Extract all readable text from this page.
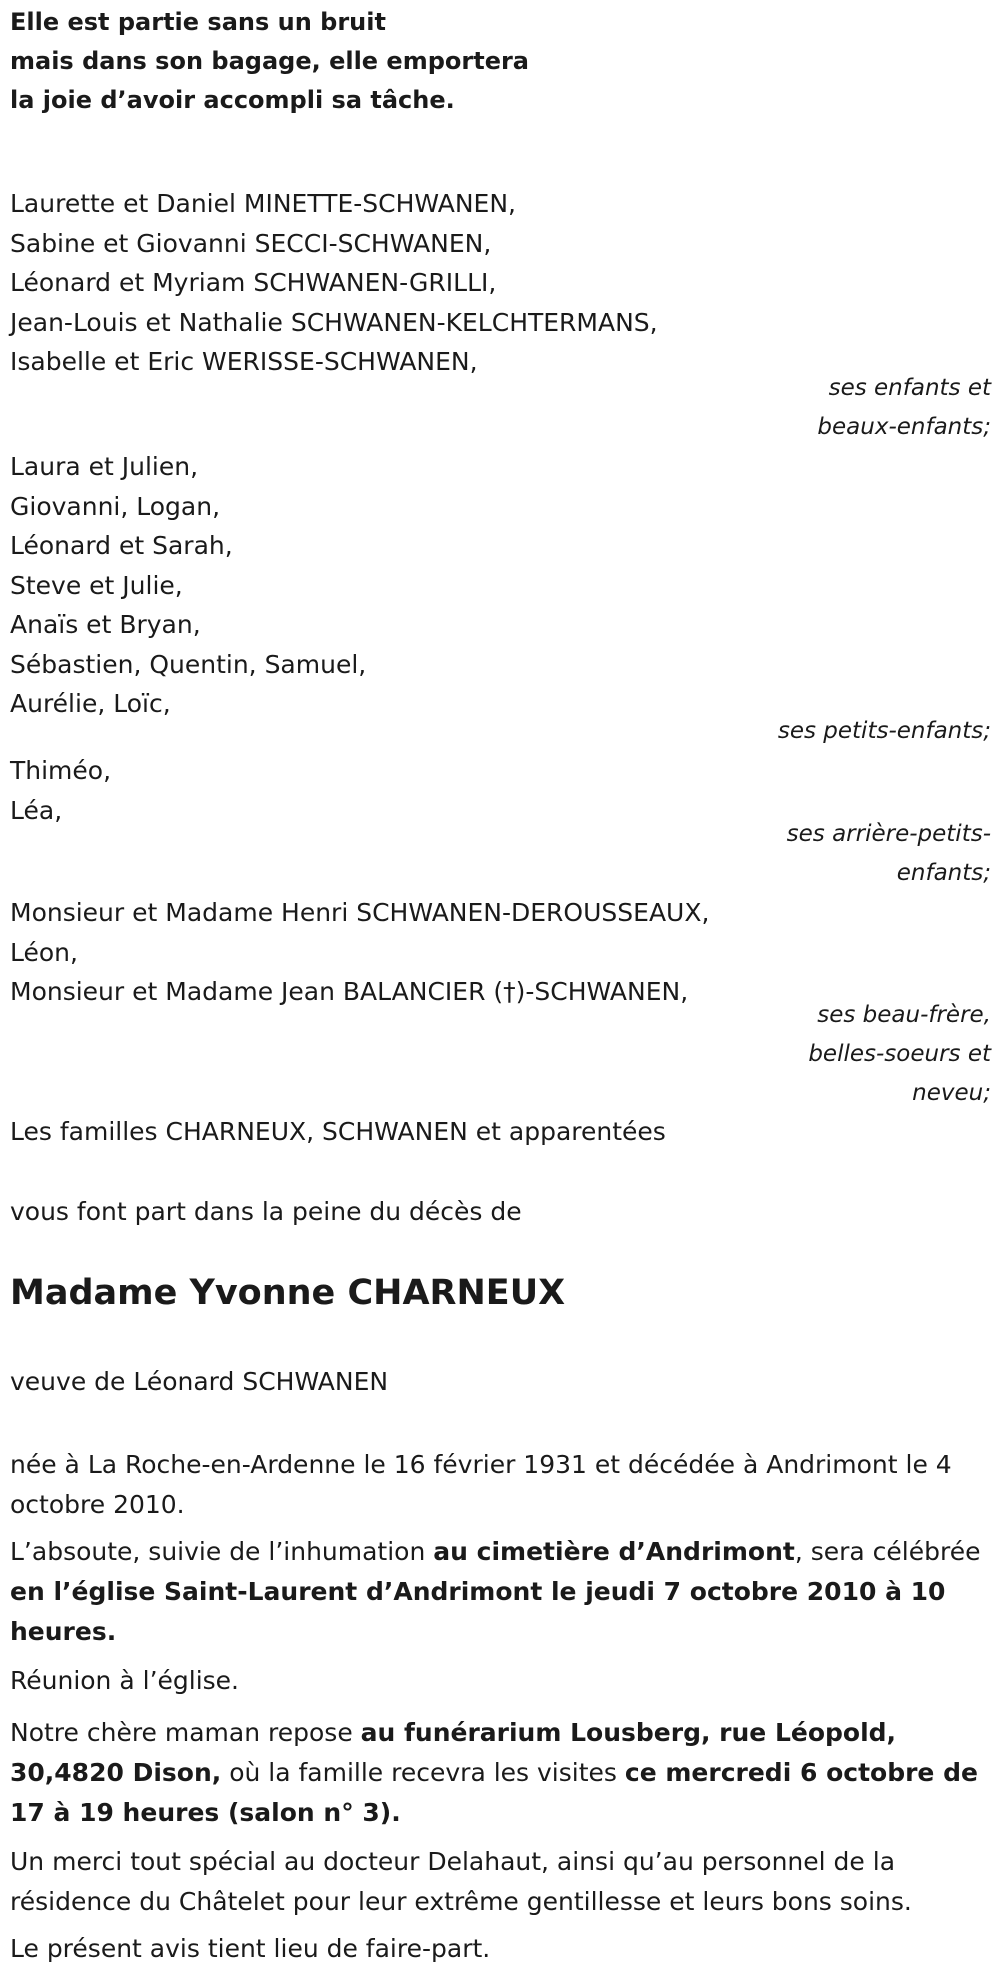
Elle est partie sans un bruit

mais dans son bagage, elle emportera

la joie d’avoir accompli sa tâche.

Laurette et Daniel MINETTE-SCHWANEN,
Sabine et Giovanni SECCI-SCHWANEN,
Léonard et Myriam SCHWANEN-GRILLI,
Jean-Louis et Nathalie SCHWANEN-KELCHTERMANS,
Isabelle et Eric WERISSE-SCHWANEN,
ses enfants et
beaux-enfants;
Laura et Julien,
Giovanni, Logan,
Léonard et Sarah,
Steve et Julie,
Anaïs et Bryan,
Sébastien, Quentin, Samuel,
Aurélie, Loïc,
ses petits-enfants;
Thiméo,
Léa,
ses arrière-petits-
enfants;
Monsieur et Madame Henri SCHWANEN-DEROUSSEAUX,
Léon,
Monsieur et Madame Jean BALANCIER (†)-SCHWANEN,
ses beau-frère,
belles-soeurs et
neveu;

Les familles CHARNEUX, SCHWANEN et apparentées

vous font part dans la peine du décès de

Madame Yvonne CHARNEUX

veuve de Léonard SCHWANEN

née à La Roche-en-Ardenne le 16 février 1931 et décédée à Andrimont le 4 octobre 2010.

L’absoute, suivie de l’inhumation au cimetière d’Andrimont, sera célébrée en l’église Saint-Laurent d’Andrimont le jeudi 7 octobre 2010 à 10 heures.

Réunion à l’église.

Notre chère maman repose au funérarium Lousberg, rue Léopold, 30,4820 Dison, où la famille recevra les visites ce mercredi 6 octobre de 17 à 19 heures (salon n° 3).

Un merci tout spécial au docteur Delahaut, ainsi qu’au personnel de la résidence du Châtelet pour leur extrême gentillesse et leurs bons soins.

Le présent avis tient lieu de faire-part.
